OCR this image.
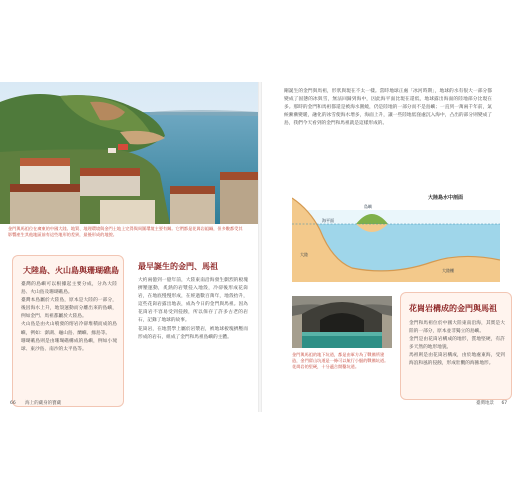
金門與馬祖位在廣東的中國大陸。地質、地理環境與金門土地上完得與周圍環境主要有關。它們都是花崗岩組織，但多數都受其影響產生其他地區前有這些地形的差異，最後形成的地貌。
大陸島、火山島與珊瑚礁島
臺灣的島嶼可以根據起主要分成，分為大陸島、火山島及珊瑚礁島。
臺灣本島屬於大陸島，原本是大陸的一部分，後因海水上升，地殼運動而分離出來的島嶼，例如金門、馬祖都屬於大陸島。
火山島是由火山噴發的熔岩冷卻堆積而成的島嶼，例如：澎湖、龜山島、蘭嶼、綠島等。
珊瑚礁島則是由珊瑚礁構成的島嶼，例如小琉球、東沙島、南沙的太平島等。
最早誕生的金門、馬祖
大約兩億到一億年前，大陸東南沿海發生劇烈的板塊擠壓運動，炙熱的岩漿侵入地殼，冷卻後形成花崗岩，在地底慢慢形成，在經過數百萬年，地殼抬升，這些花崗岩露出地表，成為今日的金門與馬祖。因為花崗岩不容易受到侵蝕，所以保存了許多古老的岩石，記錄了地球的故事。
花崗岩，在地質學上屬於岩漿岩，被地球板塊擠壓而形成的岩石，組成了金門和馬祖島嶼的主體。
66 海上的藏身的寶藏
剛誕生的金門與馬祖，形狀與現在不太一樣。當時地球正處「冰河時期」，地球的水有很大一部分都變成了固態的冰與雪，無法回歸到海中，因此海平面比現在還低，地球露出海面的陸地部分比現在多。那時的金門和馬祖都還是被海水圍繞，仍是陸地的一部分而不是島嶼；一直到一萬兩千年前，氣候漸漸變暖，融化的冰雪使海水增多，海面上升，讓一些陸地低窪處沉入海中，凸出的部分則變成了島，我們今天看到的金門和馬祖就是這樣形成的。
大陸島水中剖面
海平面
島嶼
大陸
大陸棚
金門與馬祖的地下坑道，都是由軍方為了戰備所建造，金門翟山坑道是一條可以航行小艇的戰備坑道。花崗岩的堅硬，十分適合開鑿坑道。
花崗岩構成的金門與馬祖
金門和馬祖位於中國大陸東南沿海，其實是大陸的一部分，原本並非獨立的島嶼。
金門是由花崗岩構成的地形，質地堅硬，有許多天然的地形地貌。
馬祖則是由花崗岩構成，由於地處東海，受到海浪和風的侵蝕，形成壯觀的海蝕地形。
臺灣地景 67
